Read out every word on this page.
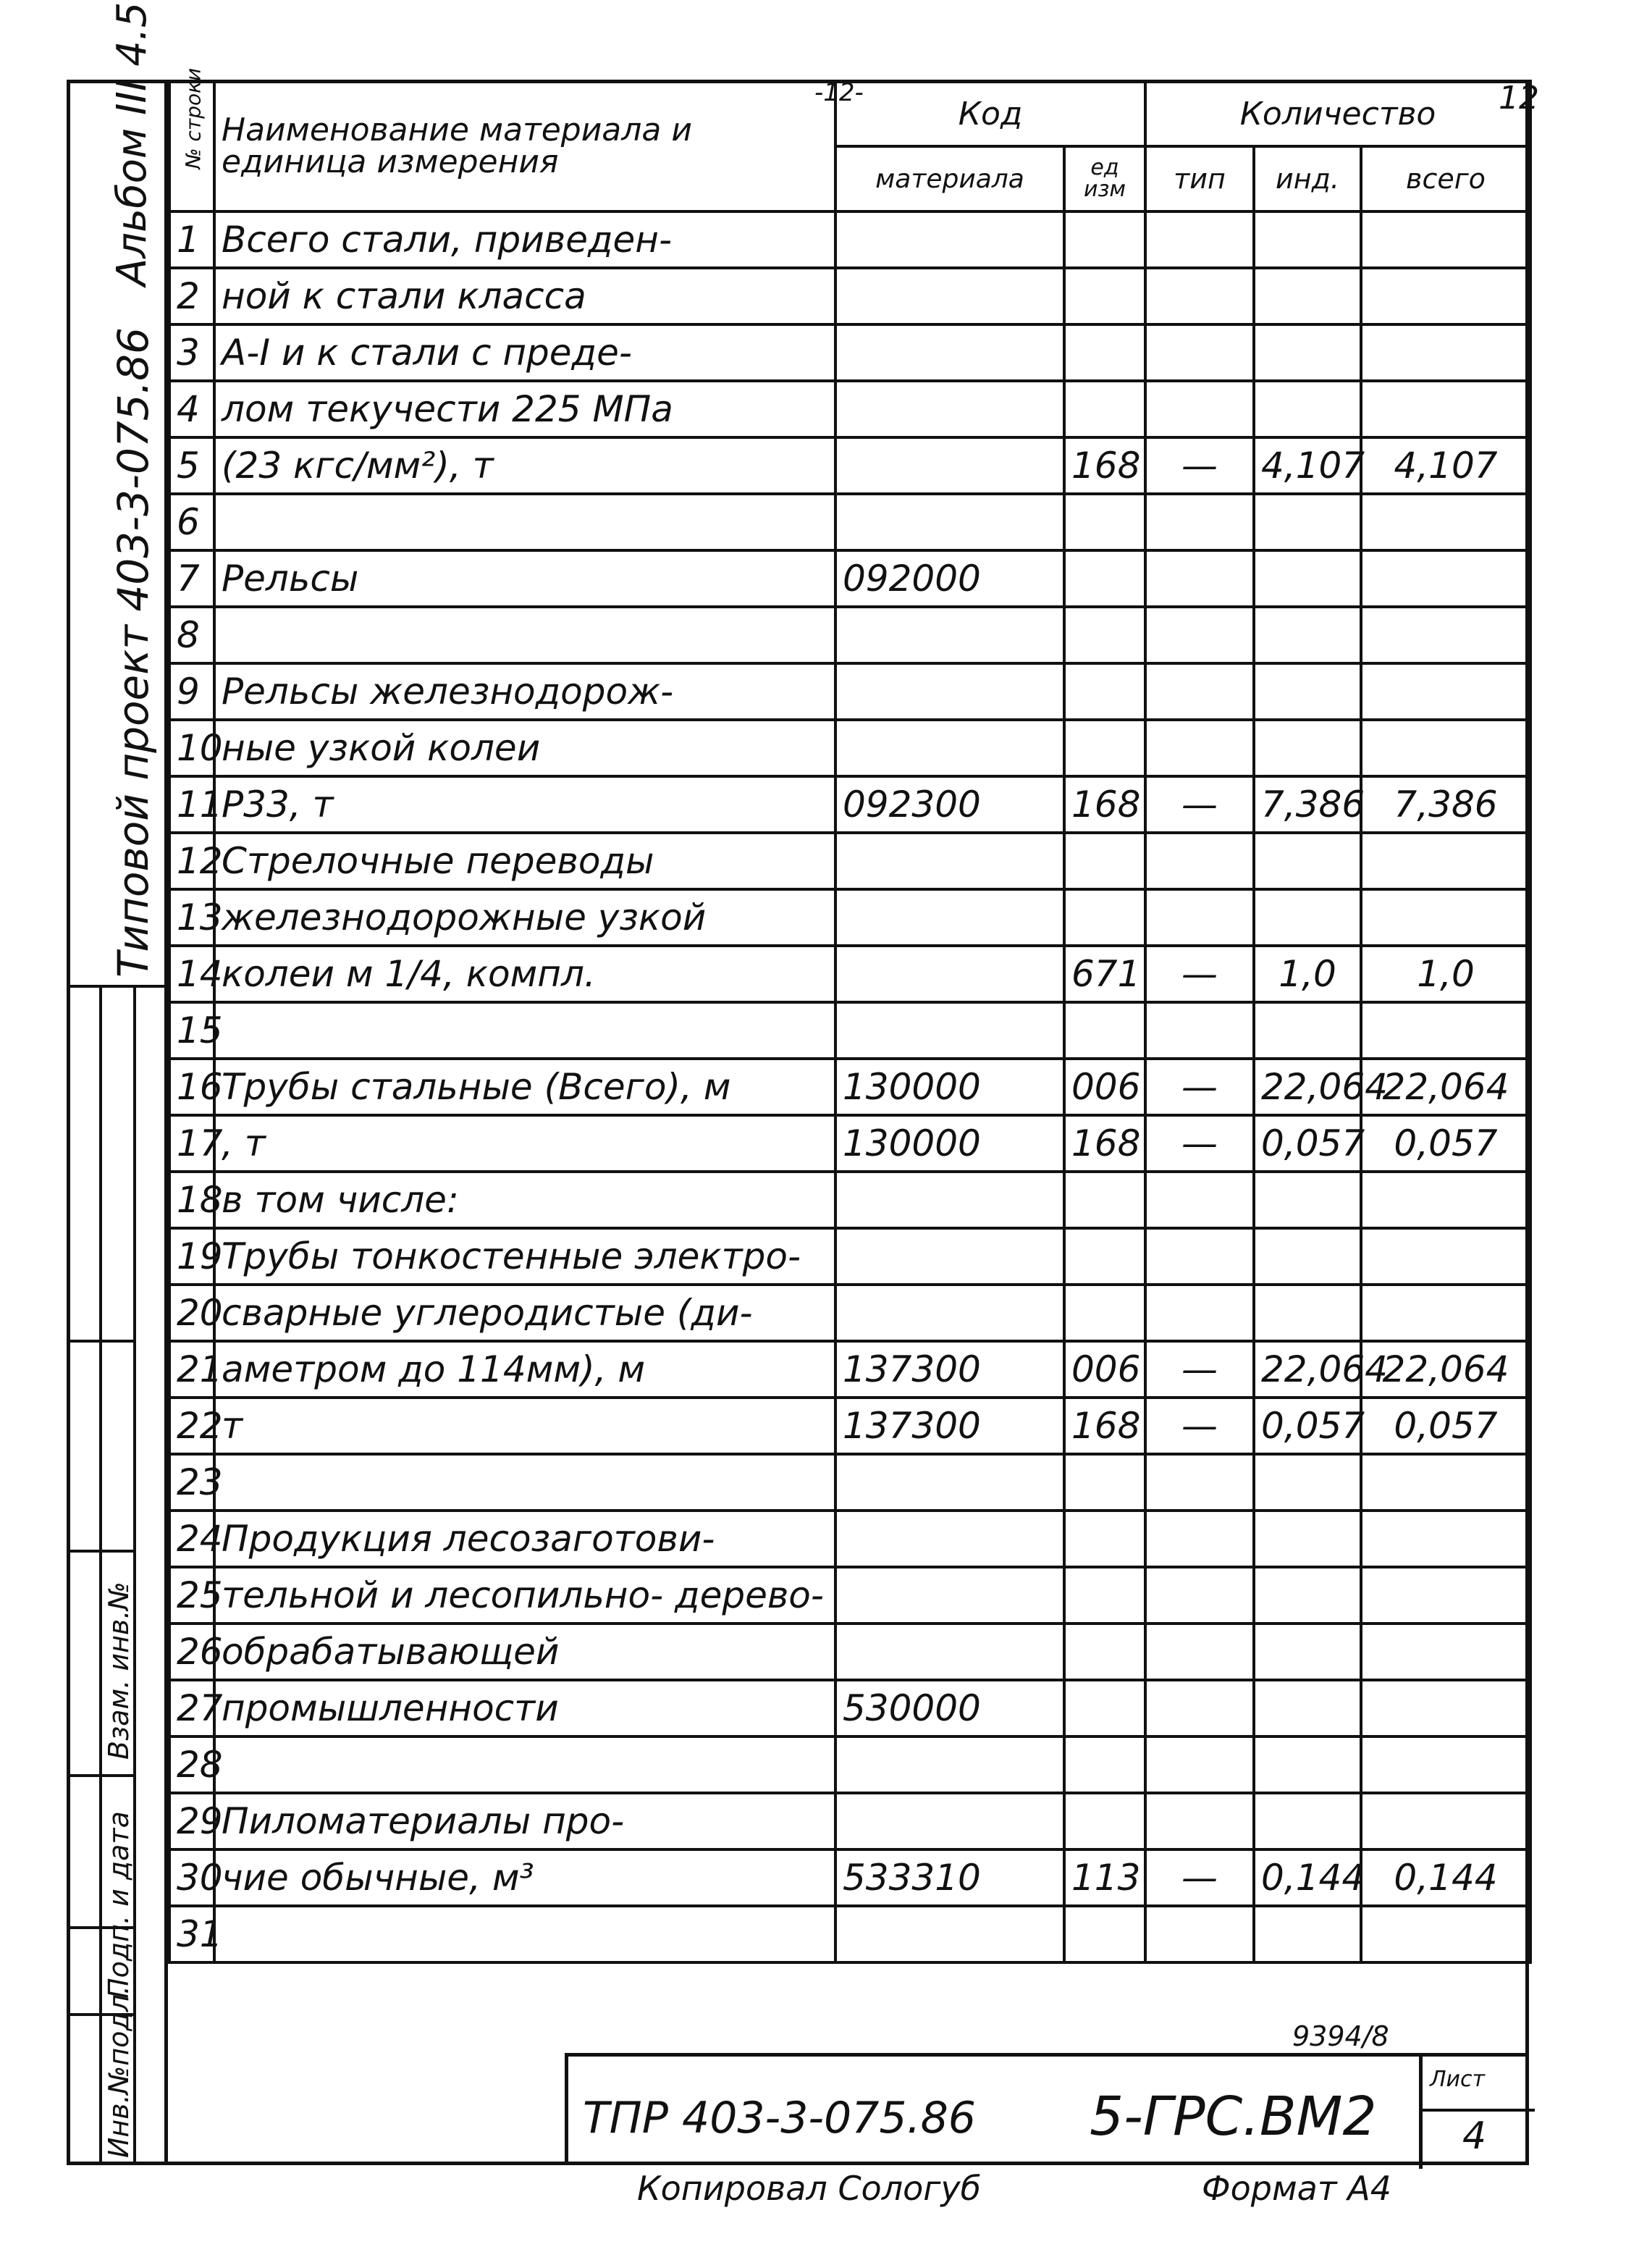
-12-	12
Альбом III 4.5
Типовой проект 403-3-075.86
Инв.№подл.
Подп. и дата
Взам. инв.№
№ строки	Наименование материала и единица измерения	Код		Количество		
		материала	ед изм	тип	инд.	всего
1	Всего стали, приведен-					
2	ной к стали класса					
3	А-I и к стали с преде-					
4	лом текучести 225 МПа					
5	(23 кгс/мм²), т		168	—	4,107	4,107
6						
7	Рельсы	092000				
8						
9	Рельсы железнодорож-					
10	ные узкой колеи					
11	Р33, т	092300	168	—	7,386	7,386
12	Стрелочные переводы					
13	железнодорожные узкой					
14	колеи м 1/4, компл.		671	—	1,0	1,0
15						
16	Трубы стальные (Всего), м	130000	006	—	22,064	22,064
17	, т	130000	168	—	0,057	0,057
18	в том числе:					
19	Трубы тонкостенные электро-					
20	сварные углеродистые (ди-					
21	аметром до 114мм), м	137300	006	—	22,064	22,064
22	т	137300	168	—	0,057	0,057
23						
24	Продукция лесозаготови-					
25	тельной и лесопильно- дерево-					
26	обрабатывающей					
27	промышленности	530000				
28						
29	Пиломатериалы про-					
30	чие обычные, м³	533310	113	—	0,144	0,144
31						
9394/8
ТПР 403-3-075.86 5-ГРС.ВМ2
Лист
4
Копировал Сологуб	Формат А4
